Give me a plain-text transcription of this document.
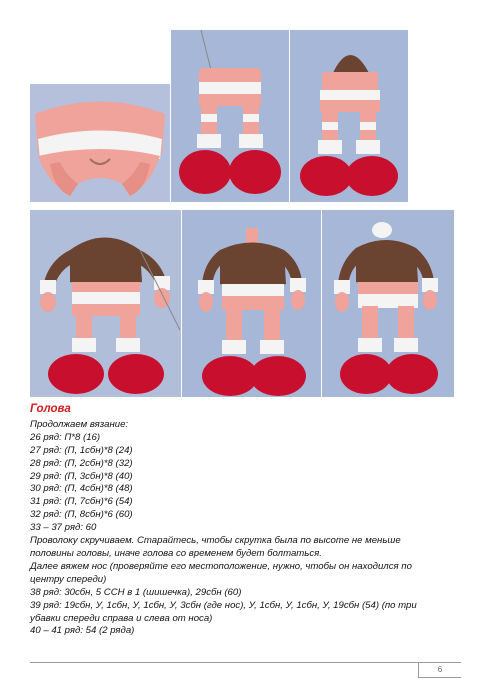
Голова
Продолжаем вязание:
26 ряд: П*8 (16)
27 ряд: (П, 1сбн)*8 (24)
28 ряд: (П, 2сбн)*8 (32)
29 ряд: (П, 3сбн)*8 (40)
30 ряд: (П, 4сбн)*8 (48)
31 ряд: (П, 7сбн)*6 (54)
32 ряд: (П, 8сбн)*6 (60)
33 – 37 ряд: 60
Проволоку скручиваем. Старайтесь, чтобы скрутка была по высоте не меньше
половины головы, иначе голова со временем будет болтаться.
Далее вяжем нос (проверяйте его местоположение, нужно, чтобы он находился по
центру спереди)
38 ряд: 30сбн, 5 ССН в 1 (шишечка), 29сбн (60)
39 ряд: 19сбн, У, 1сбн, У, 1сбн, У, 3сбн (где нос), У, 1сбн, У, 1сбн, У, 19сбн (54) (по три
убавки спереди справа и слева от носа)
40 – 41 ряд: 54 (2 ряда)
6
